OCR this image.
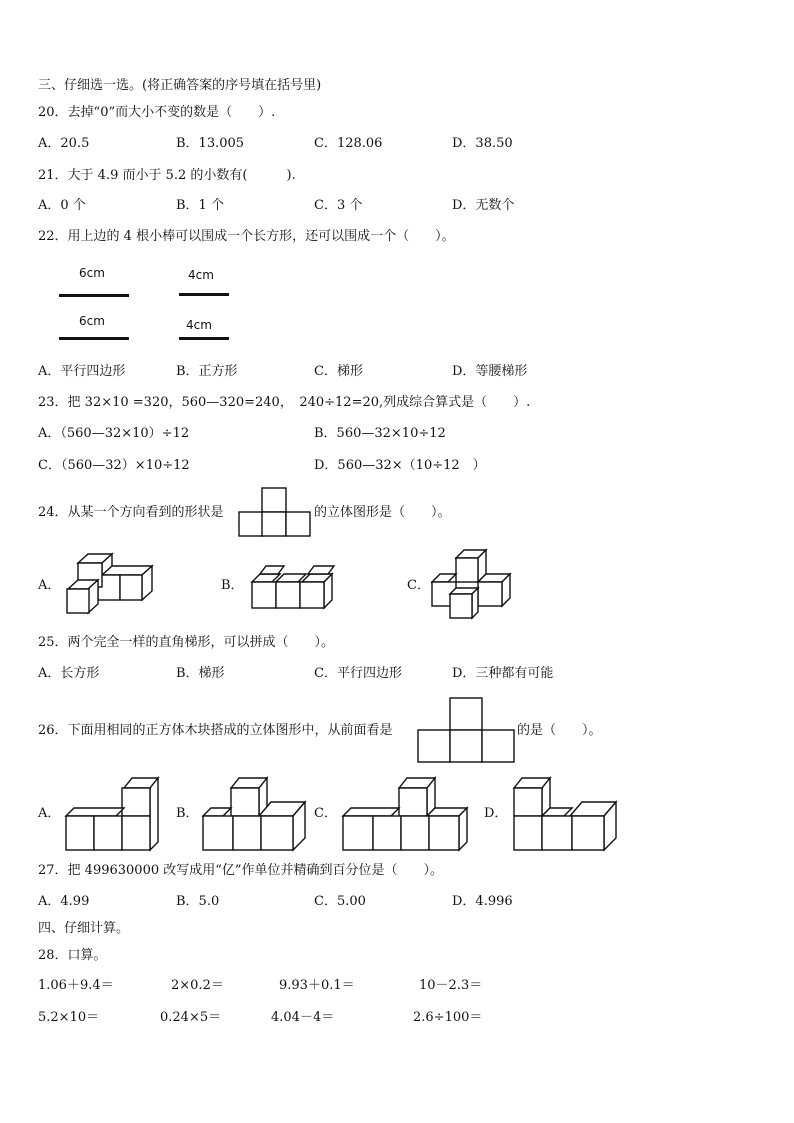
三、仔细选一选。(将正确答案的序号填在括号里)
20．去掉“0”而大小不变的数是（　　）.
A．20.5	B．13.005	C．128.06	D．38.50
21．大于 4.9 而小于 5.2 的小数有(　　　).
A．0 个	B．1 个	C．3 个	D．无数个
22．用上边的 4 根小棒可以围成一个长方形，还可以围成一个（　　）。
6cm	4cm
6cm	4cm
A．平行四边形	B．正方形	C．梯形	D．等腰梯形
23．把 32×10 =320，560—320=240，　240÷12=20,列成综合算式是（　　）.
A．（560—32×10）÷12	B．560—32×10÷12
C．（560—32）×10÷12	D．560—32×（10÷12　）
24．从某一个方向看到的形状是	的立体图形是（　　）。
A．	B．	C．
25．两个完全一样的直角梯形，可以拼成（　　）。
A．长方形	B．梯形	C．平行四边形	D．三种都有可能
26．下面用相同的正方体木块搭成的立体图形中，从前面看是	的是（　　）。
A．	B．	C．	D．
27．把 499630000 改写成用“亿”作单位并精确到百分位是（　　）。
A．4.99	B．5.0	C．5.00	D．4.996
四、仔细计算。
28．口算。
1.06＋9.4＝	2×0.2＝	9.93＋0.1＝	10－2.3＝
5.2×10＝	0.24×5＝	4.04－4＝	2.6÷100＝
